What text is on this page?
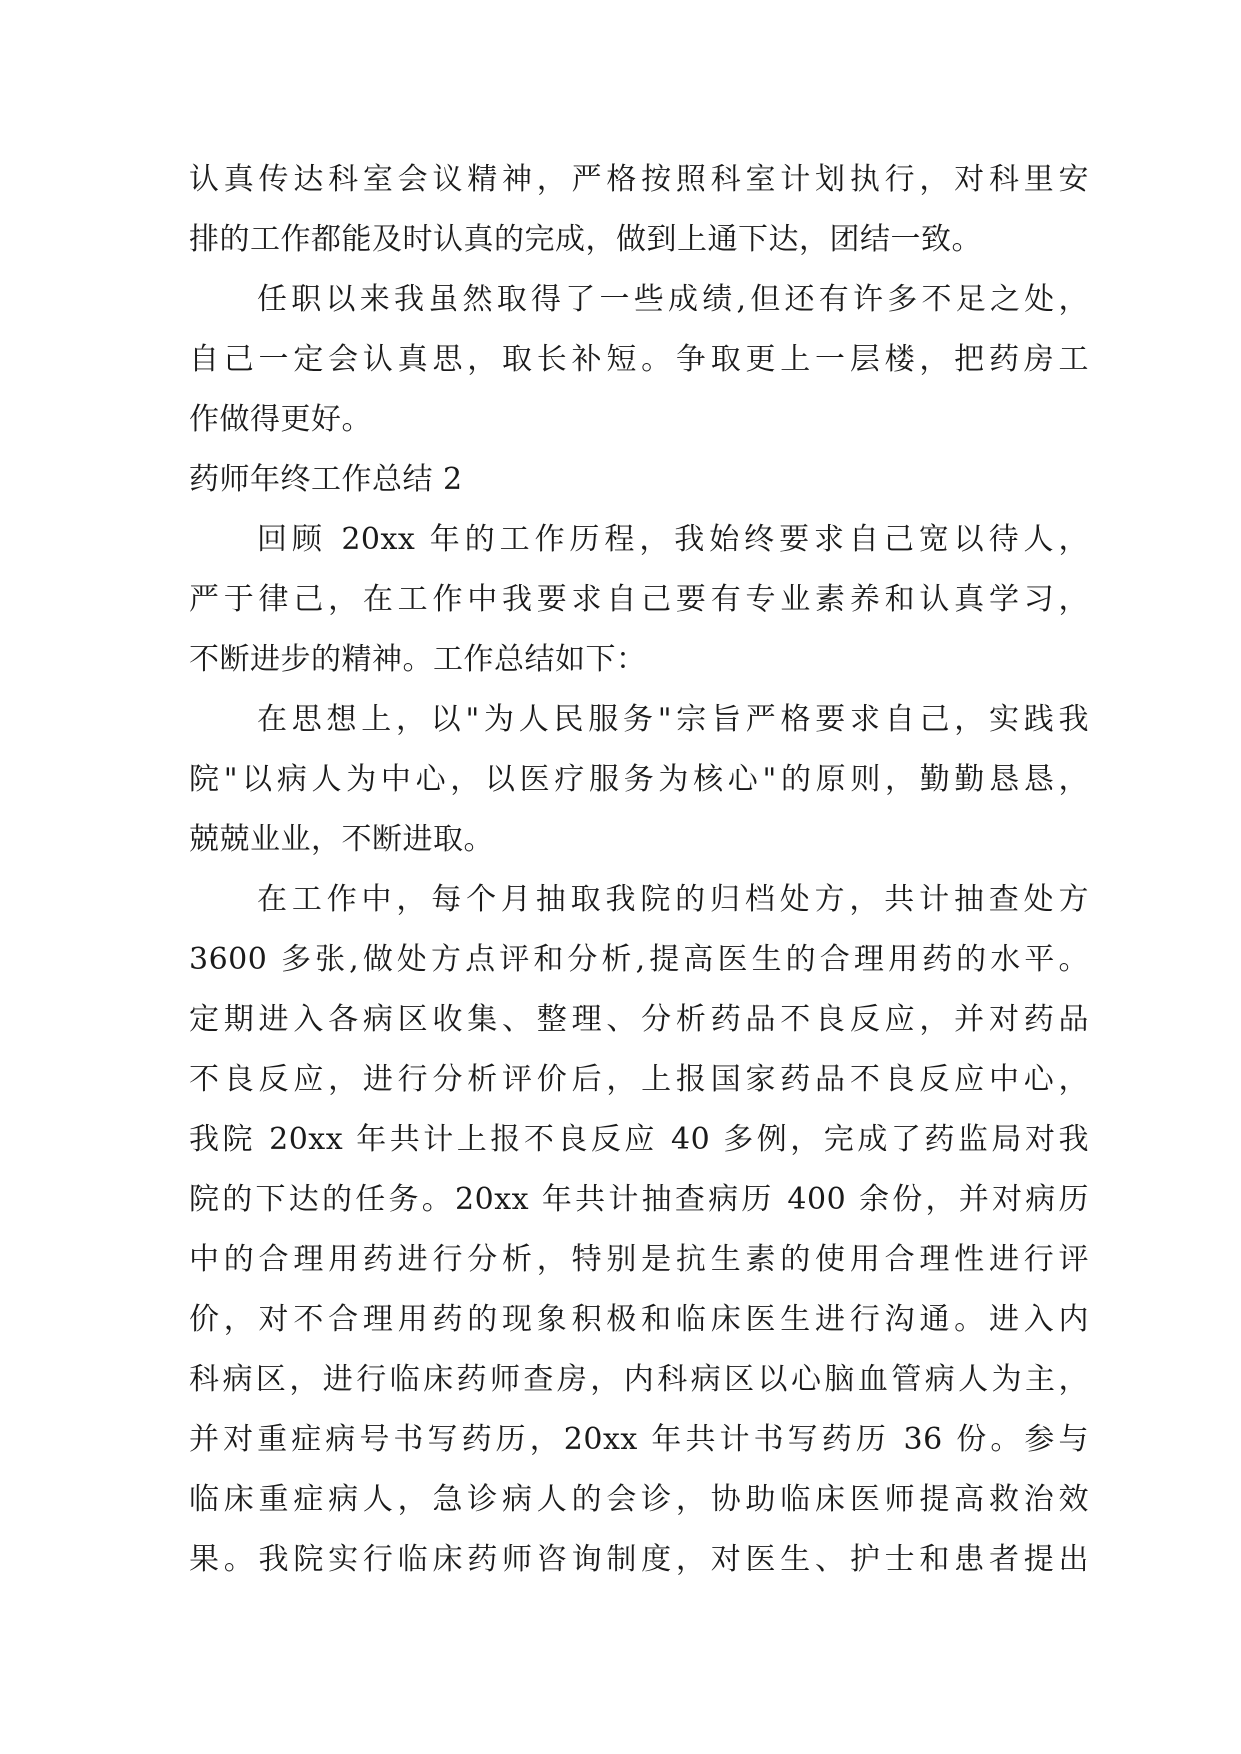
认真传达科室会议精神，严格按照科室计划执行，对科里安
排的工作都能及时认真的完成，做到上通下达，团结一致。
任职以来我虽然取得了一些成绩,但还有许多不足之处，
自己一定会认真思，取长补短。争取更上一层楼，把药房工
作做得更好。
药师年终工作总结 2
回顾 20xx 年的工作历程，我始终要求自己宽以待人，
严于律己，在工作中我要求自己要有专业素养和认真学习，
不断进步的精神。工作总结如下：
在思想上，以"为人民服务"宗旨严格要求自己，实践我
院"以病人为中心，以医疗服务为核心"的原则，勤勤恳恳，
兢兢业业，不断进取。
在工作中，每个月抽取我院的归档处方，共计抽查处方
3600 多张,做处方点评和分析,提高医生的合理用药的水平。
定期进入各病区收集、整理、分析药品不良反应，并对药品
不良反应，进行分析评价后，上报国家药品不良反应中心，
我院 20xx 年共计上报不良反应 40 多例，完成了药监局对我
院的下达的任务。20xx 年共计抽查病历 400 余份，并对病历
中的合理用药进行分析，特别是抗生素的使用合理性进行评
价，对不合理用药的现象积极和临床医生进行沟通。进入内
科病区，进行临床药师查房，内科病区以心脑血管病人为主，
并对重症病号书写药历，20xx 年共计书写药历 36 份。参与
临床重症病人，急诊病人的会诊，协助临床医师提高救治效
果。我院实行临床药师咨询制度，对医生、护士和患者提出
